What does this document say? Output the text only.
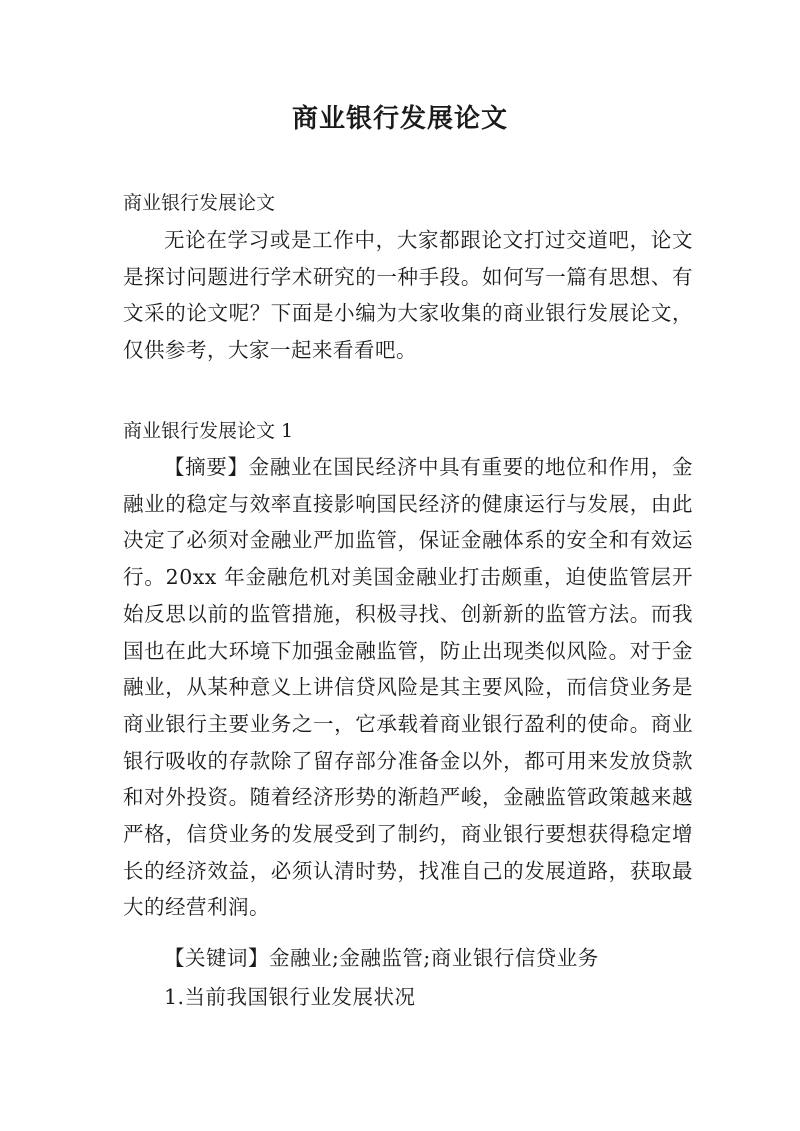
商业银行发展论文

商业银行发展论文

无论在学习或是工作中，大家都跟论文打过交道吧，论文是探讨问题进行学术研究的一种手段。如何写一篇有思想、有文采的论文呢？下面是小编为大家收集的商业银行发展论文，仅供参考，大家一起来看看吧。

商业银行发展论文 1

【摘要】金融业在国民经济中具有重要的地位和作用，金融业的稳定与效率直接影响国民经济的健康运行与发展，由此决定了必须对金融业严加监管，保证金融体系的安全和有效运行。20xx 年金融危机对美国金融业打击颇重，迫使监管层开始反思以前的监管措施，积极寻找、创新新的监管方法。而我国也在此大环境下加强金融监管，防止出现类似风险。对于金融业，从某种意义上讲信贷风险是其主要风险，而信贷业务是商业银行主要业务之一，它承载着商业银行盈利的使命。商业银行吸收的存款除了留存部分准备金以外，都可用来发放贷款和对外投资。随着经济形势的渐趋严峻，金融监管政策越来越严格，信贷业务的发展受到了制约，商业银行要想获得稳定增长的经济效益，必须认清时势，找准自己的发展道路，获取最大的经营利润。

【关键词】金融业;金融监管;商业银行信贷业务

1.当前我国银行业发展状况
